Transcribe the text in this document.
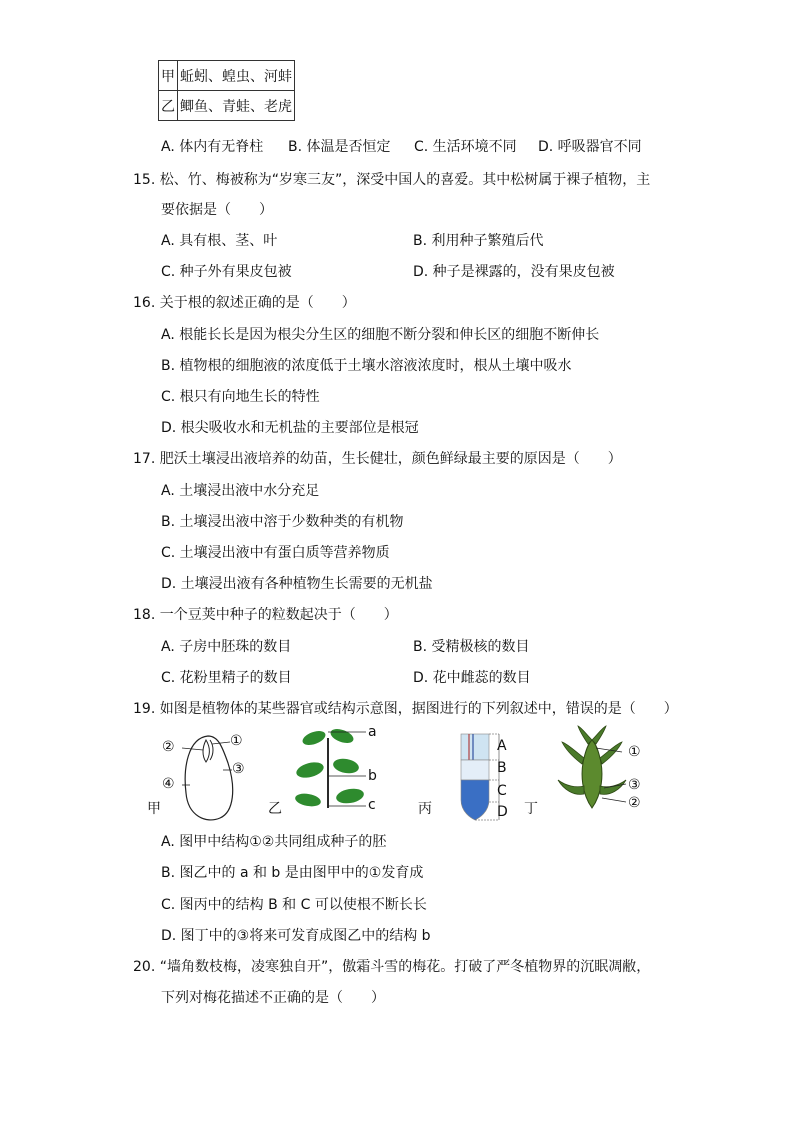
甲	蚯蚓、蝗虫、河蚌
乙	鲫鱼、青蛙、老虎
A. 体内有无脊柱 B. 体温是否恒定 C. 生活环境不同 D. 呼吸器官不同
15. 松、竹、梅被称为“岁寒三友”，深受中国人的喜爱。其中松树属于裸子植物，主
要依据是（　　）
A. 具有根、茎、叶	B. 利用种子繁殖后代
C. 种子外有果皮包被	D. 种子是裸露的，没有果皮包被
16. 关于根的叙述正确的是（　　）
A. 根能长长是因为根尖分生区的细胞不断分裂和伸长区的细胞不断伸长
B. 植物根的细胞液的浓度低于土壤水溶液浓度时，根从土壤中吸水
C. 根只有向地生长的特性
D. 根尖吸收水和无机盐的主要部位是根冠
17. 肥沃土壤浸出液培养的幼苗，生长健壮，颜色鲜绿最主要的原因是（　　）
A. 土壤浸出液中水分充足
B. 土壤浸出液中溶于少数种类的有机物
C. 土壤浸出液中有蛋白质等营养物质
D. 土壤浸出液有各种植物生长需要的无机盐
18. 一个豆荚中种子的粒数起决于（　　）
A. 子房中胚珠的数目	B. 受精极核的数目
C. 花粉里精子的数目	D. 花中雌蕊的数目
19. 如图是植物体的某些器官或结构示意图，据图进行的下列叙述中，错误的是（　　）
②	①
③
④
甲
a
b
c
乙
A
B
C
D
丙	丁
①
③
②
A. 图甲中结构①②共同组成种子的胚
B. 图乙中的 a 和 b 是由图甲中的①发育成
C. 图丙中的结构 B 和 C 可以使根不断长长
D. 图丁中的③将来可发育成图乙中的结构 b
20. “墙角数枝梅，凌寒独自开”，傲霜斗雪的梅花。打破了严冬植物界的沉眠凋敝，
下列对梅花描述不正确的是（　　）
